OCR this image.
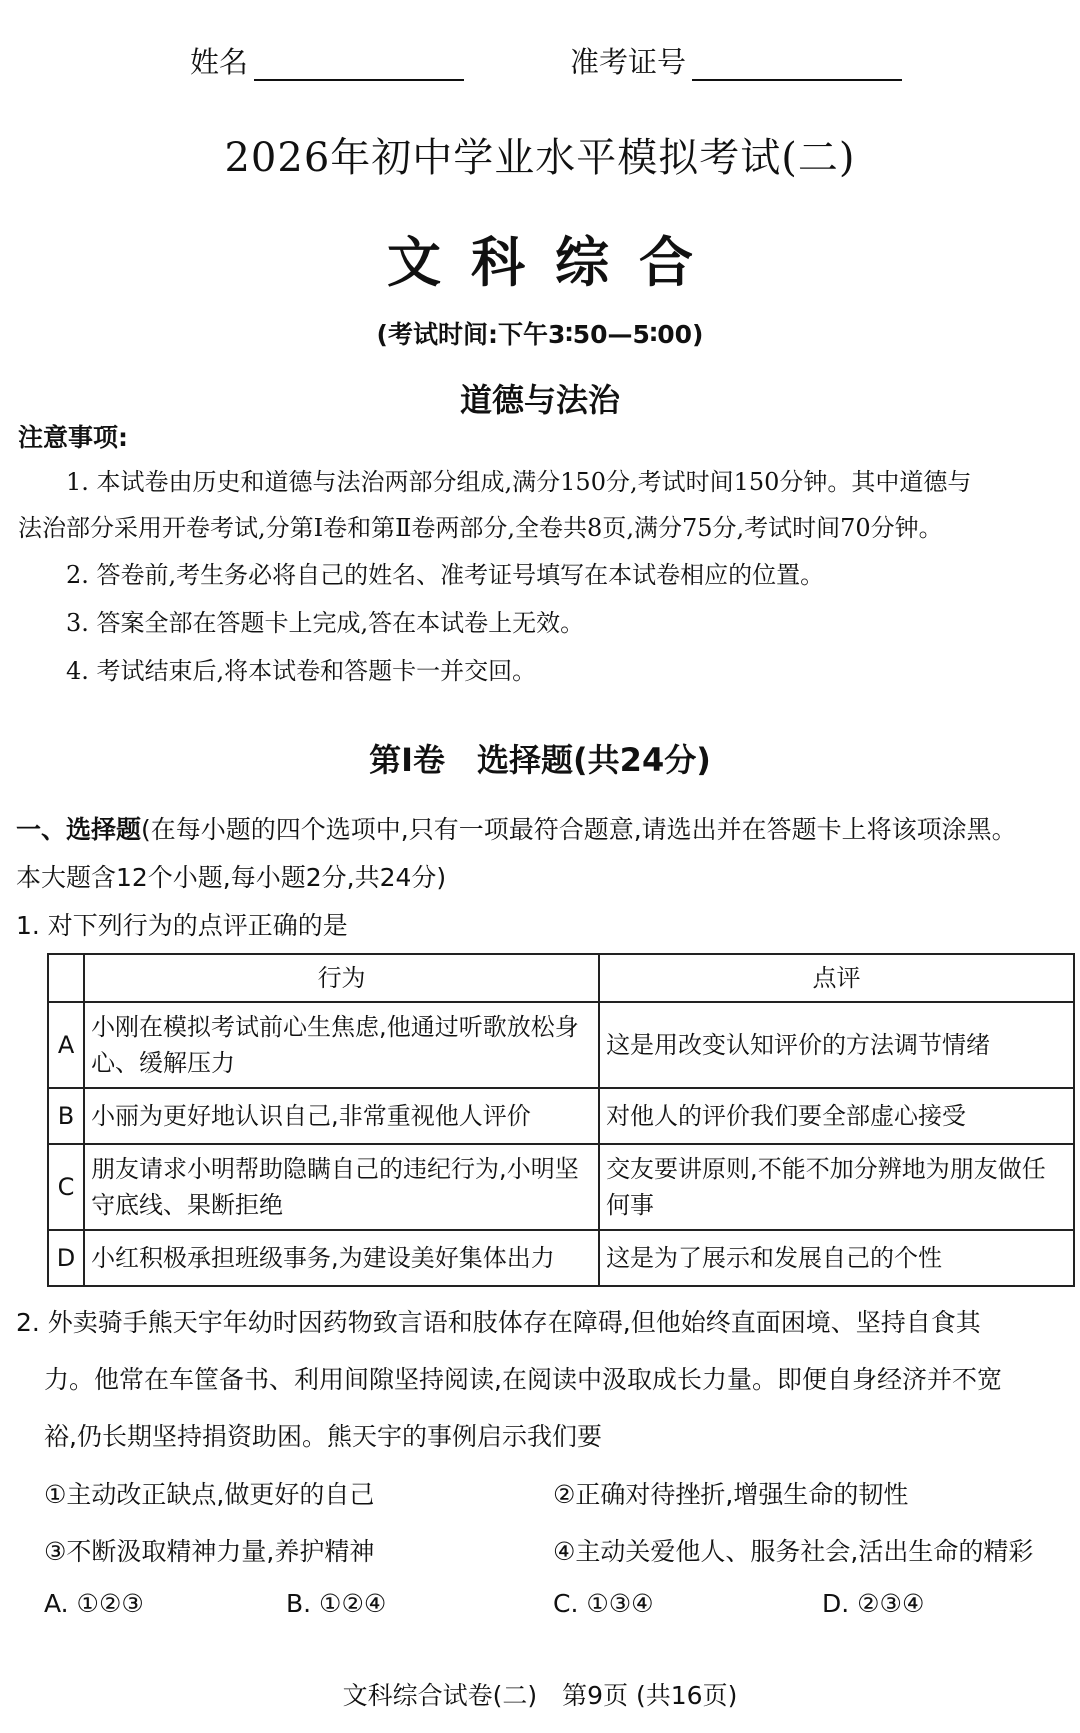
姓名	准考证号
2026年初中学业水平模拟考试(二)
文科综合
(考试时间:下午3∶50—5∶00)
道德与法治
注意事项:
1. 本试卷由历史和道德与法治两部分组成,满分150分,考试时间150分钟。其中道德与
法治部分采用开卷考试,分第Ⅰ卷和第Ⅱ卷两部分,全卷共8页,满分75分,考试时间70分钟。
2. 答卷前,考生务必将自己的姓名、准考证号填写在本试卷相应的位置。
3. 答案全部在答题卡上完成,答在本试卷上无效。
4. 考试结束后,将本试卷和答题卡一并交回。
第Ⅰ卷　选择题(共24分)
一、选择题(在每小题的四个选项中,只有一项最符合题意,请选出并在答题卡上将该项涂黑。
本大题含12个小题,每小题2分,共24分)
1. 对下列行为的点评正确的是
	行为	点评
A	小刚在模拟考试前心生焦虑,他通过听歌放松身心、缓解压力	这是用改变认知评价的方法调节情绪
B	小丽为更好地认识自己,非常重视他人评价	对他人的评价我们要全部虚心接受
C	朋友请求小明帮助隐瞒自己的违纪行为,小明坚守底线、果断拒绝	交友要讲原则,不能不加分辨地为朋友做任何事
D	小红积极承担班级事务,为建设美好集体出力	这是为了展示和发展自己的个性
2. 外卖骑手熊天宇年幼时因药物致言语和肢体存在障碍,但他始终直面困境、坚持自食其
力。他常在车筐备书、利用间隙坚持阅读,在阅读中汲取成长力量。即便自身经济并不宽
裕,仍长期坚持捐资助困。熊天宇的事例启示我们要
①主动改正缺点,做更好的自己	②正确对待挫折,增强生命的韧性
③不断汲取精神力量,养护精神	④主动关爱他人、服务社会,活出生命的精彩
A. ①②③	B. ①②④	C. ①③④	D. ②③④
文科综合试卷(二)　第9页 (共16页)
